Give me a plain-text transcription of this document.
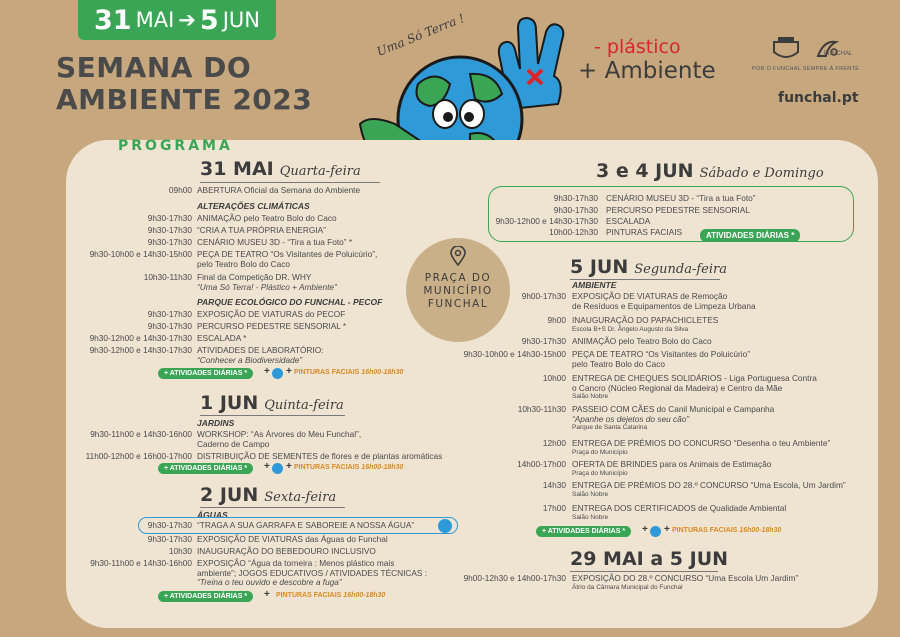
31 MAI ➔ 5 JUN
SEMANA DO
AMBIENTE 2023
Uma Só Terra !	- plástico
+ Ambiente
FUNCHAL
POR O FUNCHAL SEMPRE À FRENTE
funchal.pt
PROGRAMA
PRAÇA DO
MUNICÍPIO
FUNCHAL
31 MAI Quarta-feira
09h00 ABERTURA Oficial da Semana do Ambiente
ALTERAÇÕES CLIMÁTICAS
9h30-17h30 ANIMAÇÃO pelo Teatro Bolo do Caco
9h30-17h30 “CRIA A TUA PRÓPRIA ENERGIA”
9h30-17h30 CENÁRIO MUSEU 3D - “Tira a tua Foto” *
9h30-10h00 e 14h30-15h00 PEÇA DE TEATRO “Os Visitantes de Poluicúrio”,
pelo Teatro Bolo do Caco
10h30-11h30 Final da Competição DR. WHY
“Uma Só Terra! - Plástico + Ambiente”
PARQUE ECOLÓGICO DO FUNCHAL - PECOF
9h30-17h30 EXPOSIÇÃO DE VIATURAS do PECOF
9h30-17h30 PERCURSO PEDESTRE SENSORIAL *
9h30-12h00 e 14h30-17h30 ESCALADA *
9h30-12h00 e 14h30-17h30 ATIVIDADES DE LABORATÓRIO:
“Conhecer a Biodiversidade”
+ ATIVIDADES DIÁRIAS *	+ + PINTURAS FACIAIS 16h00-18h30
1 JUN Quinta-feira
JARDINS
9h30-11h00 e 14h30-16h00 WORKSHOP: “As Árvores do Meu Funchal”,
Caderno de Campo
11h00-12h00 e 16h00-17h00 DISTRIBUIÇÃO DE SEMENTES de flores e de plantas aromáticas
+ ATIVIDADES DIÁRIAS *	+ + PINTURAS FACIAIS 16h00-18h30
2 JUN Sexta-feira
ÁGUAS
9h30-17h30 “TRAGA A SUA GARRAFA E SABOREIE A NOSSA ÁGUA”
9h30-17h30 EXPOSIÇÃO DE VIATURAS das Águas do Funchal
10h30 INAUGURAÇÃO DO BEBEDOURO INCLUSIVO
9h30-11h00 e 14h30-16h00 EXPOSIÇÃO “Água da torneira : Menos plástico mais
ambiente”; JOGOS EDUCATIVOS / ATIVIDADES TÉCNICAS :
“Treina o teu ouvido e descobre a fuga”
+ ATIVIDADES DIÁRIAS *	+ PINTURAS FACIAIS 16h00-18h30
3 e 4 JUN Sábado e Domingo
9h30-17h30 CENÁRIO MUSEU 3D - “Tira a tua Foto”
9h30-17h30 PERCURSO PEDESTRE SENSORIAL
9h30-12h00 e 14h30-17h30 ESCALADA
10h00-12h30 PINTURAS FACIAIS	ATIVIDADES DIÁRIAS *
5 JUN Segunda-feira
AMBIENTE
9h00-17h30 EXPOSIÇÃO DE VIATURAS de Remoção
de Resíduos e Equipamentos de Limpeza Urbana
9h00 INAUGURAÇÃO DO PAPACHICLETES
Escola B+S Dr. Ângelo Augusto da Silva
9h30-17h30 ANIMAÇÃO pelo Teatro Bolo do Caco
9h30-10h00 e 14h30-15h00 PEÇA DE TEATRO “Os Visitantes do Poluicúrio”
pelo Teatro Bolo do Caco
10h00 ENTREGA DE CHEQUES SOLIDÁRIOS - Liga Portuguesa Contra
o Cancro (Núcleo Regional da Madeira) e Centro da Mãe
Salão Nobre
10h30-11h30 PASSEIO COM CÃES do Canil Municipal e Campanha
“Apanhe os dejetos do seu cão”
Parque de Santa Catarina
12h00 ENTREGA DE PRÉMIOS DO CONCURSO “Desenha o teu Ambiente”
Praça do Município
14h00-17h00 OFERTA DE BRINDES para os Animais de Estimação
Praça do Município
14h30 ENTREGA DE PRÉMIOS DO 28.º CONCURSO “Uma Escola, Um Jardim”
Salão Nobre
17h00 ENTREGA DOS CERTIFICADOS de Qualidade Ambiental
Salão Nobre
+ ATIVIDADES DIÁRIAS *	+ + PINTURAS FACIAIS 16h00-18h30
29 MAI a 5 JUN
9h00-12h30 e 14h00-17h30 EXPOSIÇÃO DO 28.º CONCURSO “Uma Escola Um Jardim”
Átrio da Câmara Municipal do Funchal
